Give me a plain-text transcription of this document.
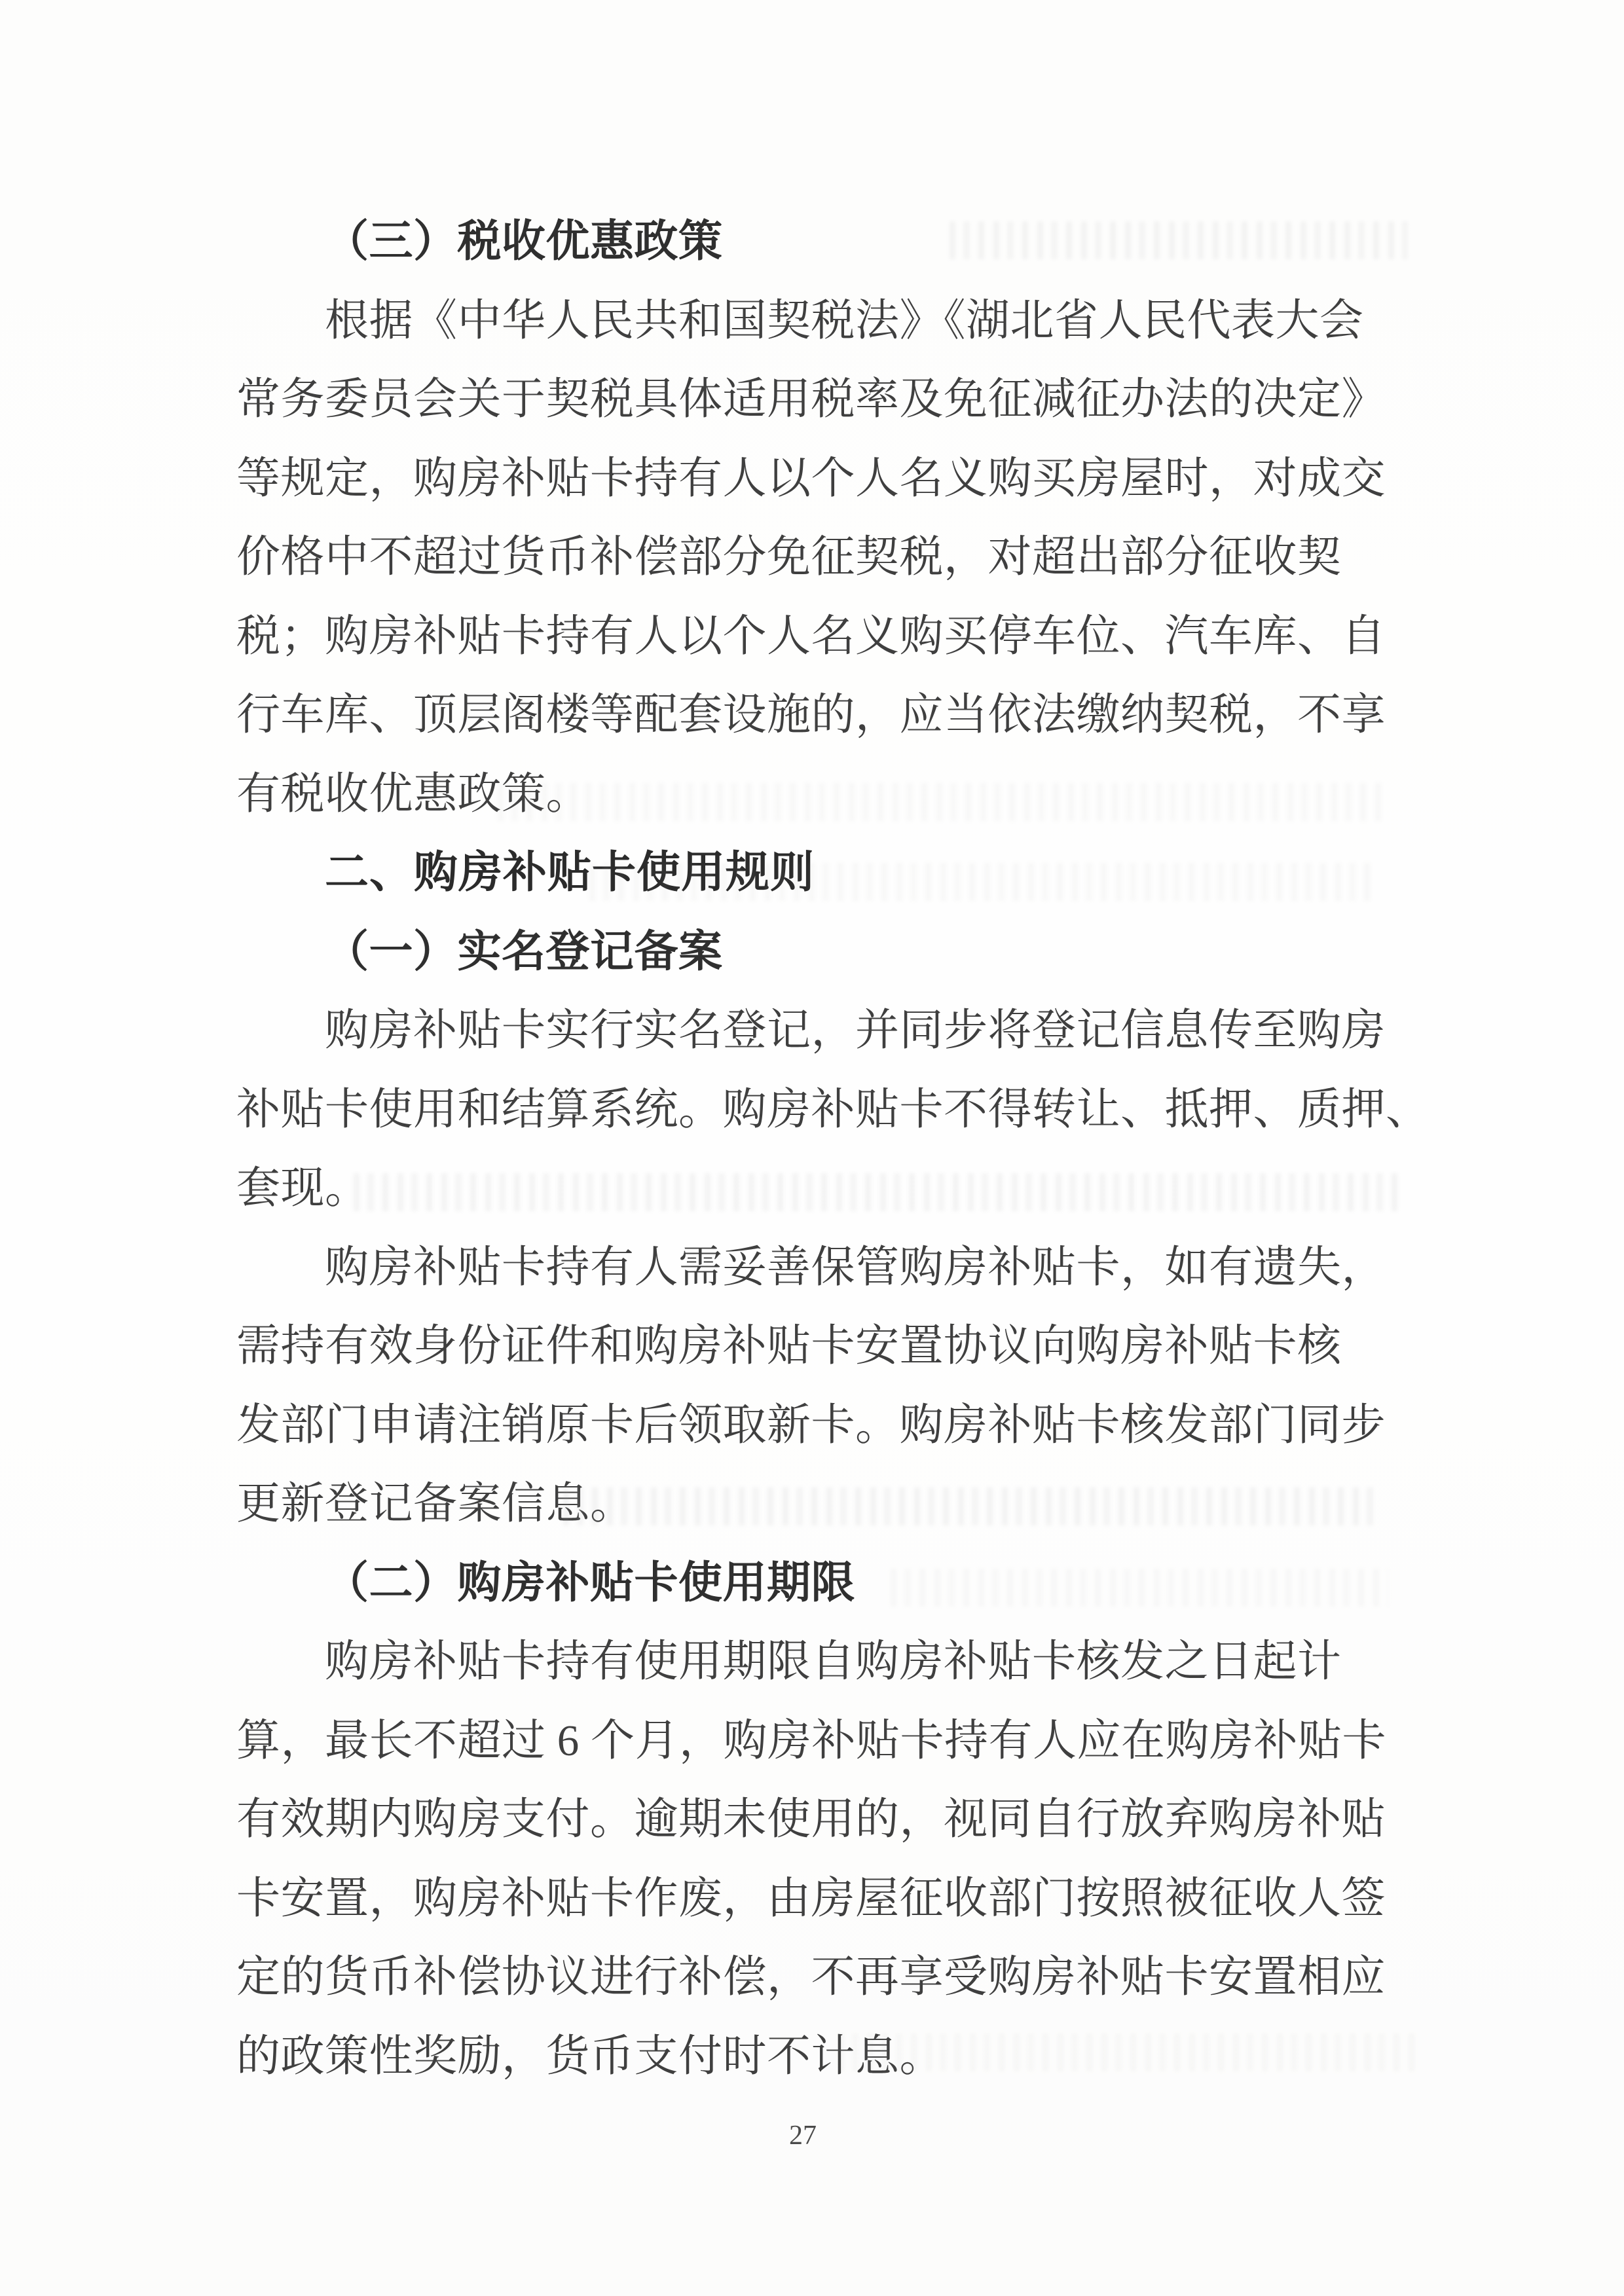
（三）税收优惠政策
根据《中华人民共和国契税法》《湖北省人民代表大会
常务委员会关于契税具体适用税率及免征减征办法的决定》
等规定，购房补贴卡持有人以个人名义购买房屋时，对成交
价格中不超过货币补偿部分免征契税，对超出部分征收契
税；购房补贴卡持有人以个人名义购买停车位、汽车库、自
行车库、顶层阁楼等配套设施的，应当依法缴纳契税，不享
有税收优惠政策。
二、购房补贴卡使用规则
（一）实名登记备案
购房补贴卡实行实名登记，并同步将登记信息传至购房
补贴卡使用和结算系统。购房补贴卡不得转让、抵押、质押、
套现。
购房补贴卡持有人需妥善保管购房补贴卡，如有遗失，
需持有效身份证件和购房补贴卡安置协议向购房补贴卡核
发部门申请注销原卡后领取新卡。购房补贴卡核发部门同步
更新登记备案信息。
（二）购房补贴卡使用期限
购房补贴卡持有使用期限自购房补贴卡核发之日起计
算，最长不超过 6 个月，购房补贴卡持有人应在购房补贴卡
有效期内购房支付。逾期未使用的，视同自行放弃购房补贴
卡安置，购房补贴卡作废，由房屋征收部门按照被征收人签
定的货币补偿协议进行补偿，不再享受购房补贴卡安置相应
的政策性奖励，货币支付时不计息。
27
